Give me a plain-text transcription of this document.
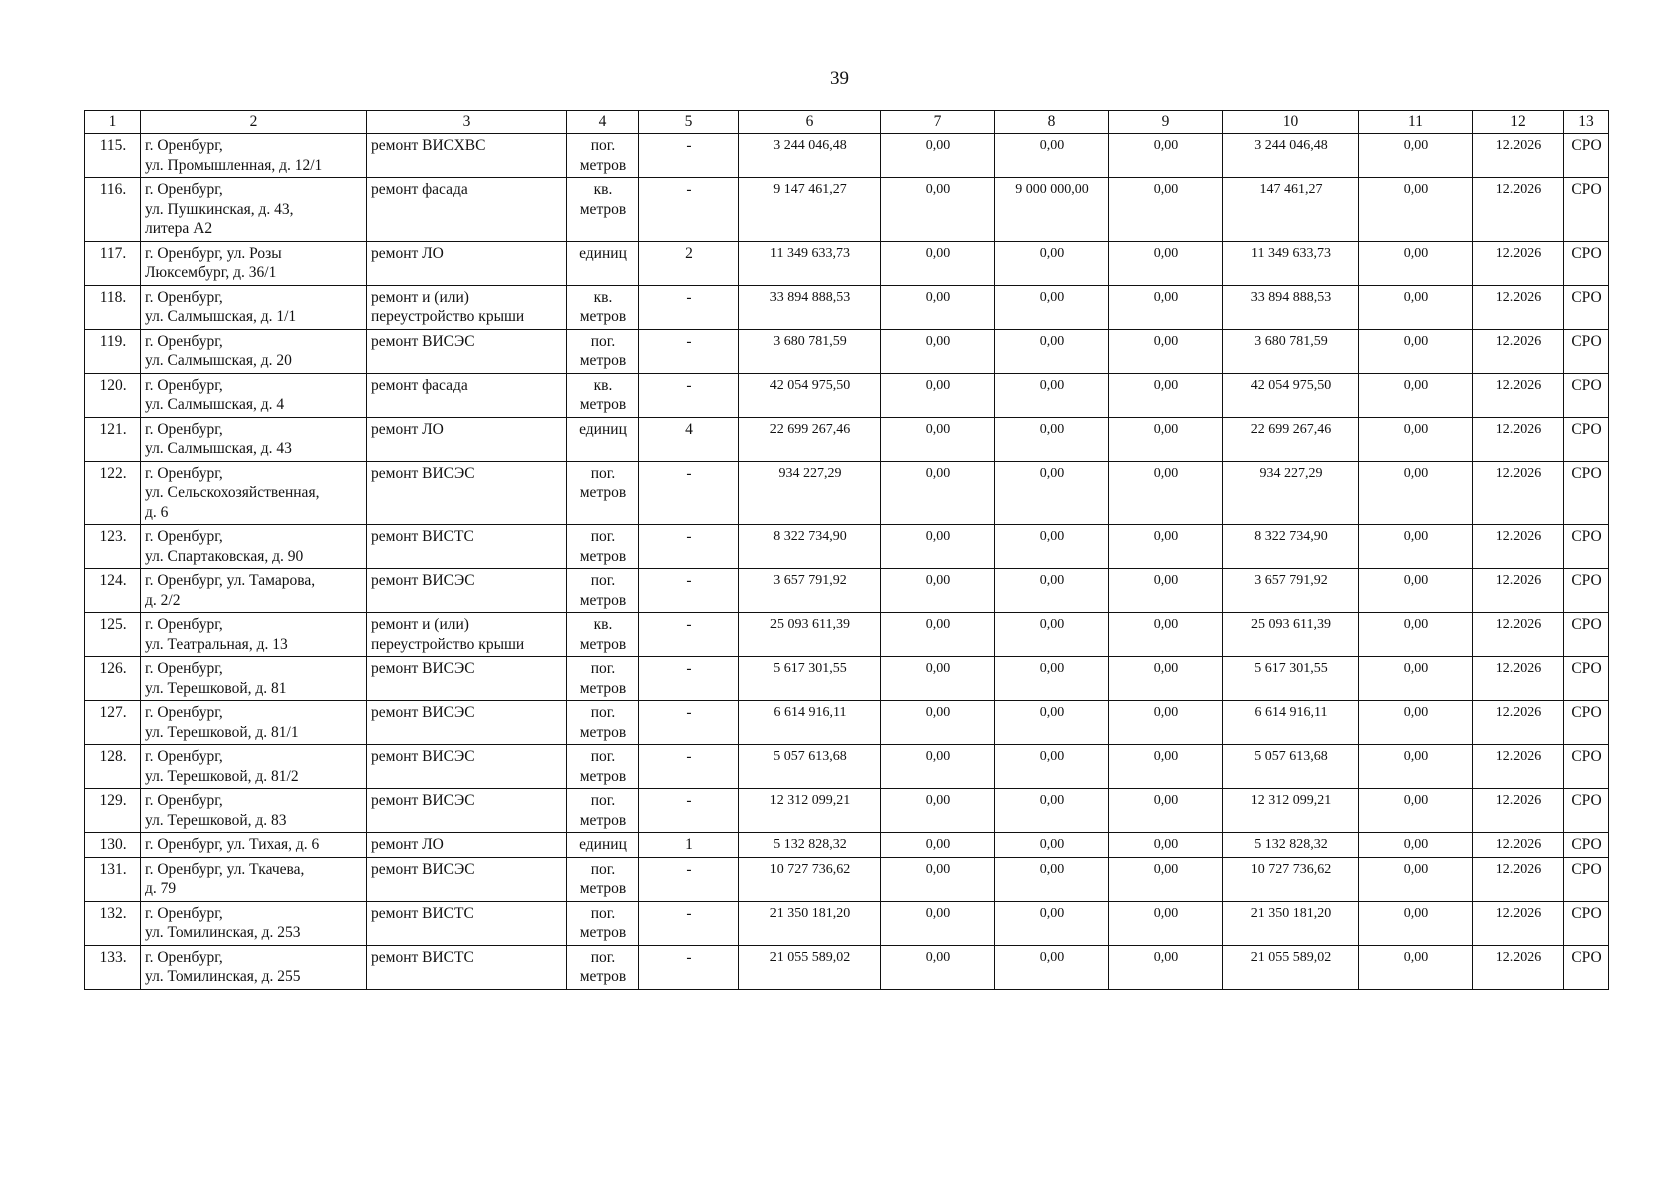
39
1	2	3	4	5	6	7	8	9	10	11	12	13
115.	г. Оренбург,
ул. Промышленная, д. 12/1	ремонт ВИСХВС	пог.
метров	-	3 244 046,48	0,00	0,00	0,00	3 244 046,48	0,00	12.2026	СРО
116.	г. Оренбург,
ул. Пушкинская, д. 43,
литера А2	ремонт фасада	кв.
метров	-	9 147 461,27	0,00	9 000 000,00	0,00	147 461,27	0,00	12.2026	СРО
117.	г. Оренбург, ул. Розы
Люксембург, д. 36/1	ремонт ЛО	единиц	2	11 349 633,73	0,00	0,00	0,00	11 349 633,73	0,00	12.2026	СРО
118.	г. Оренбург,
ул. Салмышская, д. 1/1	ремонт и (или)
переустройство крыши	кв.
метров	-	33 894 888,53	0,00	0,00	0,00	33 894 888,53	0,00	12.2026	СРО
119.	г. Оренбург,
ул. Салмышская, д. 20	ремонт ВИСЭС	пог.
метров	-	3 680 781,59	0,00	0,00	0,00	3 680 781,59	0,00	12.2026	СРО
120.	г. Оренбург,
ул. Салмышская, д. 4	ремонт фасада	кв.
метров	-	42 054 975,50	0,00	0,00	0,00	42 054 975,50	0,00	12.2026	СРО
121.	г. Оренбург,
ул. Салмышская, д. 43	ремонт ЛО	единиц	4	22 699 267,46	0,00	0,00	0,00	22 699 267,46	0,00	12.2026	СРО
122.	г. Оренбург,
ул. Сельскохозяйственная,
д. 6	ремонт ВИСЭС	пог.
метров	-	934 227,29	0,00	0,00	0,00	934 227,29	0,00	12.2026	СРО
123.	г. Оренбург,
ул. Спартаковская, д. 90	ремонт ВИСТС	пог.
метров	-	8 322 734,90	0,00	0,00	0,00	8 322 734,90	0,00	12.2026	СРО
124.	г. Оренбург, ул. Тамарова,
д. 2/2	ремонт ВИСЭС	пог.
метров	-	3 657 791,92	0,00	0,00	0,00	3 657 791,92	0,00	12.2026	СРО
125.	г. Оренбург,
ул. Театральная, д. 13	ремонт и (или)
переустройство крыши	кв.
метров	-	25 093 611,39	0,00	0,00	0,00	25 093 611,39	0,00	12.2026	СРО
126.	г. Оренбург,
ул. Терешковой, д. 81	ремонт ВИСЭС	пог.
метров	-	5 617 301,55	0,00	0,00	0,00	5 617 301,55	0,00	12.2026	СРО
127.	г. Оренбург,
ул. Терешковой, д. 81/1	ремонт ВИСЭС	пог.
метров	-	6 614 916,11	0,00	0,00	0,00	6 614 916,11	0,00	12.2026	СРО
128.	г. Оренбург,
ул. Терешковой, д. 81/2	ремонт ВИСЭС	пог.
метров	-	5 057 613,68	0,00	0,00	0,00	5 057 613,68	0,00	12.2026	СРО
129.	г. Оренбург,
ул. Терешковой, д. 83	ремонт ВИСЭС	пог.
метров	-	12 312 099,21	0,00	0,00	0,00	12 312 099,21	0,00	12.2026	СРО
130.	г. Оренбург, ул. Тихая, д. 6	ремонт ЛО	единиц	1	5 132 828,32	0,00	0,00	0,00	5 132 828,32	0,00	12.2026	СРО
131.	г. Оренбург, ул. Ткачева,
д. 79	ремонт ВИСЭС	пог.
метров	-	10 727 736,62	0,00	0,00	0,00	10 727 736,62	0,00	12.2026	СРО
132.	г. Оренбург,
ул. Томилинская, д. 253	ремонт ВИСТС	пог.
метров	-	21 350 181,20	0,00	0,00	0,00	21 350 181,20	0,00	12.2026	СРО
133.	г. Оренбург,
ул. Томилинская, д. 255	ремонт ВИСТС	пог.
метров	-	21 055 589,02	0,00	0,00	0,00	21 055 589,02	0,00	12.2026	СРО
